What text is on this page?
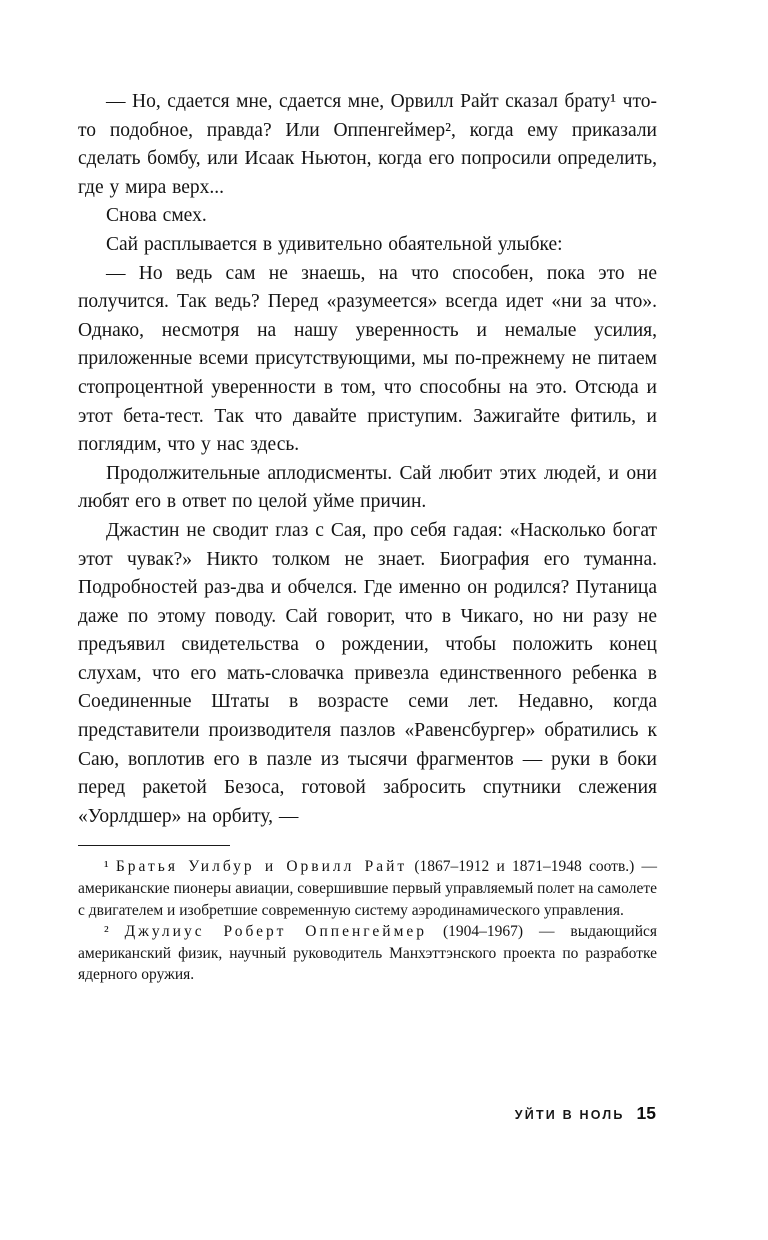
— Но, сдается мне, сдается мне, Орвилл Райт сказал брату¹ что-то подобное, правда? Или Оппенгеймер², когда ему приказали сделать бомбу, или Исаак Ньютон, когда его попросили определить, где у мира верх...

Снова смех.

Сай расплывается в удивительно обаятельной улыбке:

— Но ведь сам не знаешь, на что способен, пока это не получится. Так ведь? Перед «разумеется» всегда идет «ни за что». Однако, несмотря на нашу уверенность и немалые усилия, приложенные всеми присутствующими, мы по-прежнему не питаем стопроцентной уверенности в том, что способны на это. Отсюда и этот бета-тест. Так что давайте приступим. Зажигайте фитиль, и поглядим, что у нас здесь.

Продолжительные аплодисменты. Сай любит этих людей, и они любят его в ответ по целой уйме причин.

Джастин не сводит глаз с Сая, про себя гадая: «Насколько богат этот чувак?» Никто толком не знает. Биография его туманна. Подробностей раз-два и обчелся. Где именно он родился? Путаница даже по этому поводу. Сай говорит, что в Чикаго, но ни разу не предъявил свидетельства о рождении, чтобы положить конец слухам, что его мать-словачка привезла единственного ребенка в Соединенные Штаты в возрасте семи лет. Недавно, когда представители производителя пазлов «Равенсбургер» обратились к Саю, воплотив его в пазле из тысячи фрагментов — руки в боки перед ракетой Безоса, готовой забросить спутники слежения «Уорлдшер» на орбиту, —

¹ Братья Уилбур и Орвилл Райт (1867–1912 и 1871–1948 соотв.) — американские пионеры авиации, совершившие первый управляемый полет на самолете с двигателем и изобретшие современную систему аэродинамического управления.

² Джулиус Роберт Оппенгеймер (1904–1967) — выдающийся американский физик, научный руководитель Манхэттэнского проекта по разработке ядерного оружия.

УЙТИ В НОЛЬ 15
